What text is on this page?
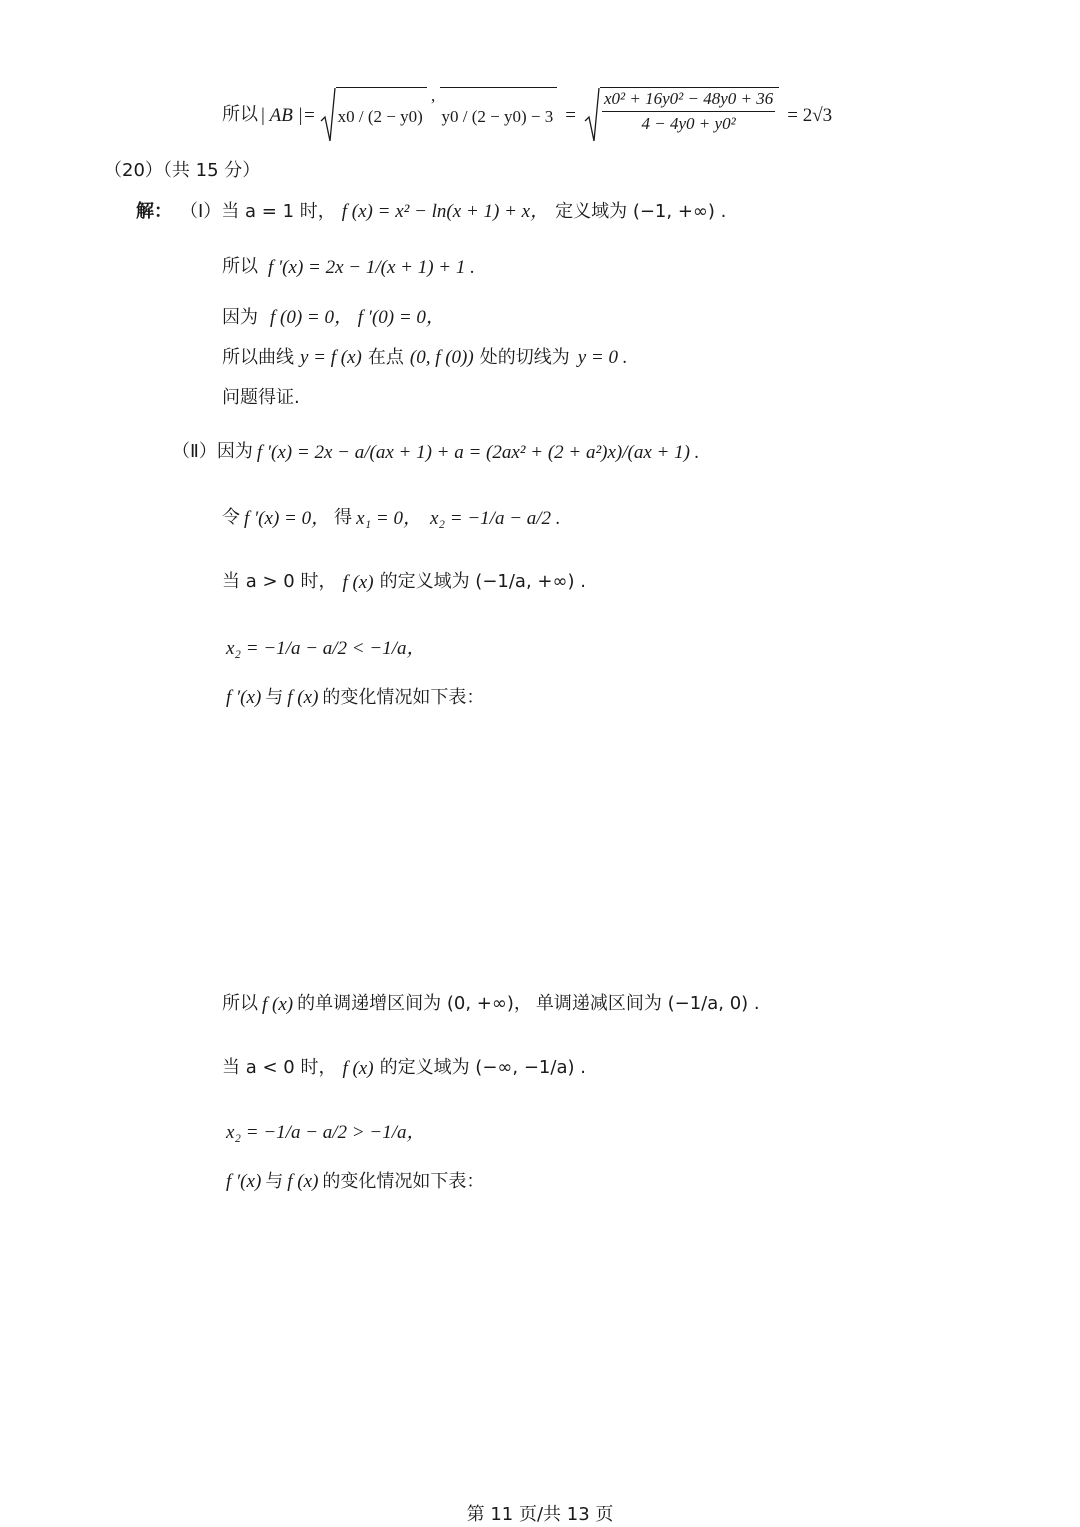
所以 | AB |= x0 / (2 − y0)
,
$y0 / (2 - y0) - 3 = \frac{\text{x0² + 16y0² − 48y0 + 36}}{\text{4 − 4y0 + y0²}} = 2√3$
（20）（共 15 分）
解： （Ⅰ） 当 a = 1 时， f (x) = x² − ln(x + 1) + x， 定义域为 (−1, +∞) .
所以 f ′(x) = 2x − 1/(x + 1) + 1 .
因为 f (0) = 0， f ′(0) = 0，
所以曲线 y = f (x) 在点 (0, f (0)) 处的切线为 y = 0 .
问题得证.
（Ⅱ） 因为 f ′(x) = 2x − a/(ax + 1) + a = (2ax² + (2 + a²)x)/(ax + 1) .
令 f ′(x) = 0， 得 x₁ = 0， x₂ = −1/a − a/2 .
当 a > 0 时， f (x) 的定义域为 (−1/a, +∞) .
x₂ = −1/a − a/2 < −1/a，
f ′(x) 与 f (x) 的变化情况如下表：
所以 f (x) 的单调递增区间为 (0, +∞)， 单调递减区间为 (−1/a, 0) .
当 a < 0 时， f (x) 的定义域为 (−∞, −1/a) .
x₂ = −1/a − a/2 > −1/a，
f ′(x) 与 f (x) 的变化情况如下表：
第 11 页/共 13 页
